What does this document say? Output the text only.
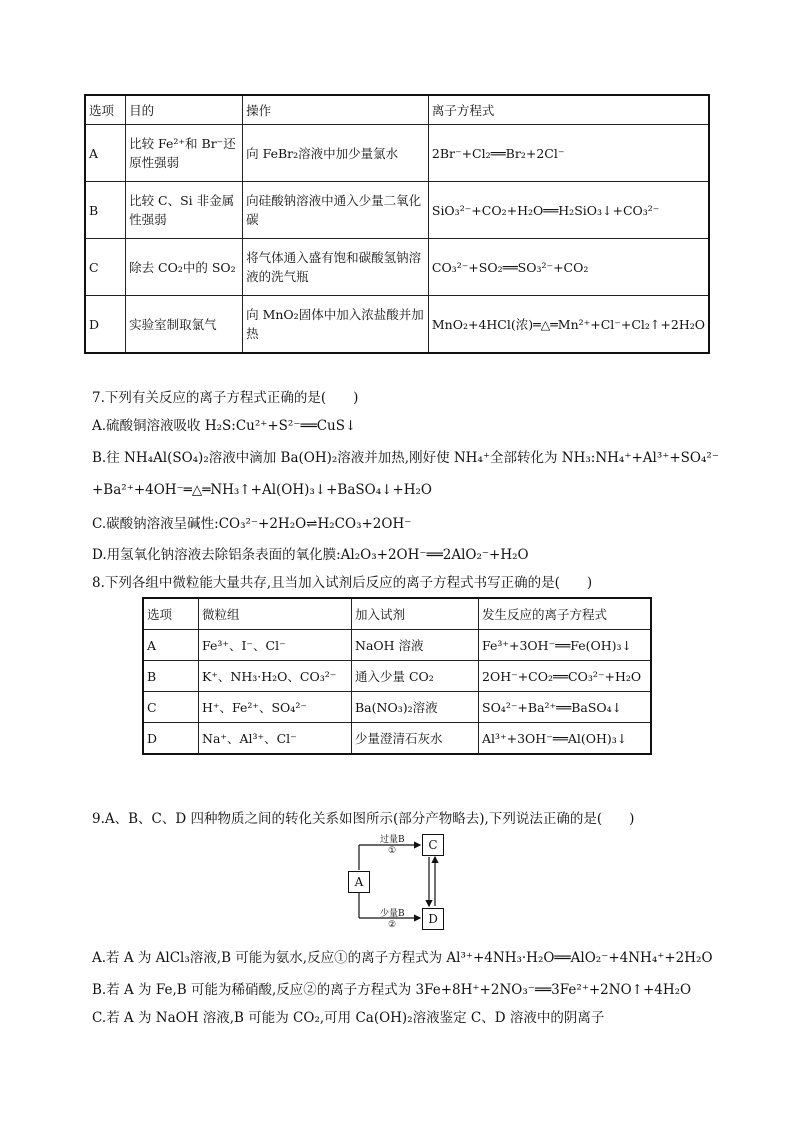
选项	目的	操作	离子方程式
A	比较 Fe²⁺和 Br⁻还原性强弱	向 FeBr₂溶液中加少量氯水	2Br⁻+Cl₂══Br₂+2Cl⁻
B	比较 C、Si 非金属性强弱	向硅酸钠溶液中通入少量二氧化碳	SiO₃²⁻+CO₂+H₂O══H₂SiO₃↓+CO₃²⁻
C	除去 CO₂中的 SO₂	将气体通入盛有饱和碳酸氢钠溶液的洗气瓶	CO₃²⁻+SO₂══SO₃²⁻+CO₂
D	实验室制取氯气	向 MnO₂固体中加入浓盐酸并加热	MnO₂+4HCl(浓)═△═Mn²⁺+Cl⁻+Cl₂↑+2H₂O
7.下列有关反应的离子方程式正确的是(　　)
A.硫酸铜溶液吸收 H₂S:Cu²⁺+S²⁻══CuS↓
B.往 NH₄Al(SO₄)₂溶液中滴加 Ba(OH)₂溶液并加热,刚好使 NH₄⁺全部转化为 NH₃:NH₄⁺+Al³⁺+SO₄²⁻
+Ba²⁺+4OH⁻═△═NH₃↑+Al(OH)₃↓+BaSO₄↓+H₂O
C.碳酸钠溶液呈碱性:CO₃²⁻+2H₂O⇌H₂CO₃+2OH⁻
D.用氢氧化钠溶液去除铝条表面的氧化膜:Al₂O₃+2OH⁻══2AlO₂⁻+H₂O
8.下列各组中微粒能大量共存,且当加入试剂后反应的离子方程式书写正确的是(　　)
选项	微粒组	加入试剂	发生反应的离子方程式
A	Fe³⁺、I⁻、Cl⁻	NaOH 溶液	Fe³⁺+3OH⁻══Fe(OH)₃↓
B	K⁺、NH₃·H₂O、CO₃²⁻	通入少量 CO₂	2OH⁻+CO₂══CO₃²⁻+H₂O
C	H⁺、Fe²⁺、SO₄²⁻	Ba(NO₃)₂溶液	SO₄²⁻+Ba²⁺══BaSO₄↓
D	Na⁺、Al³⁺、Cl⁻	少量澄清石灰水	Al³⁺+3OH⁻══Al(OH)₃↓
9.A、B、C、D 四种物质之间的转化关系如图所示(部分产物略去),下列说法正确的是(　　)
A
C
D
过量B
①
少量B
②
A.若 A 为 AlCl₃溶液,B 可能为氨水,反应①的离子方程式为 Al³⁺+4NH₃·H₂O══AlO₂⁻+4NH₄⁺+2H₂O
B.若 A 为 Fe,B 可能为稀硝酸,反应②的离子方程式为 3Fe+8H⁺+2NO₃⁻══3Fe²⁺+2NO↑+4H₂O
C.若 A 为 NaOH 溶液,B 可能为 CO₂,可用 Ca(OH)₂溶液鉴定 C、D 溶液中的阴离子
